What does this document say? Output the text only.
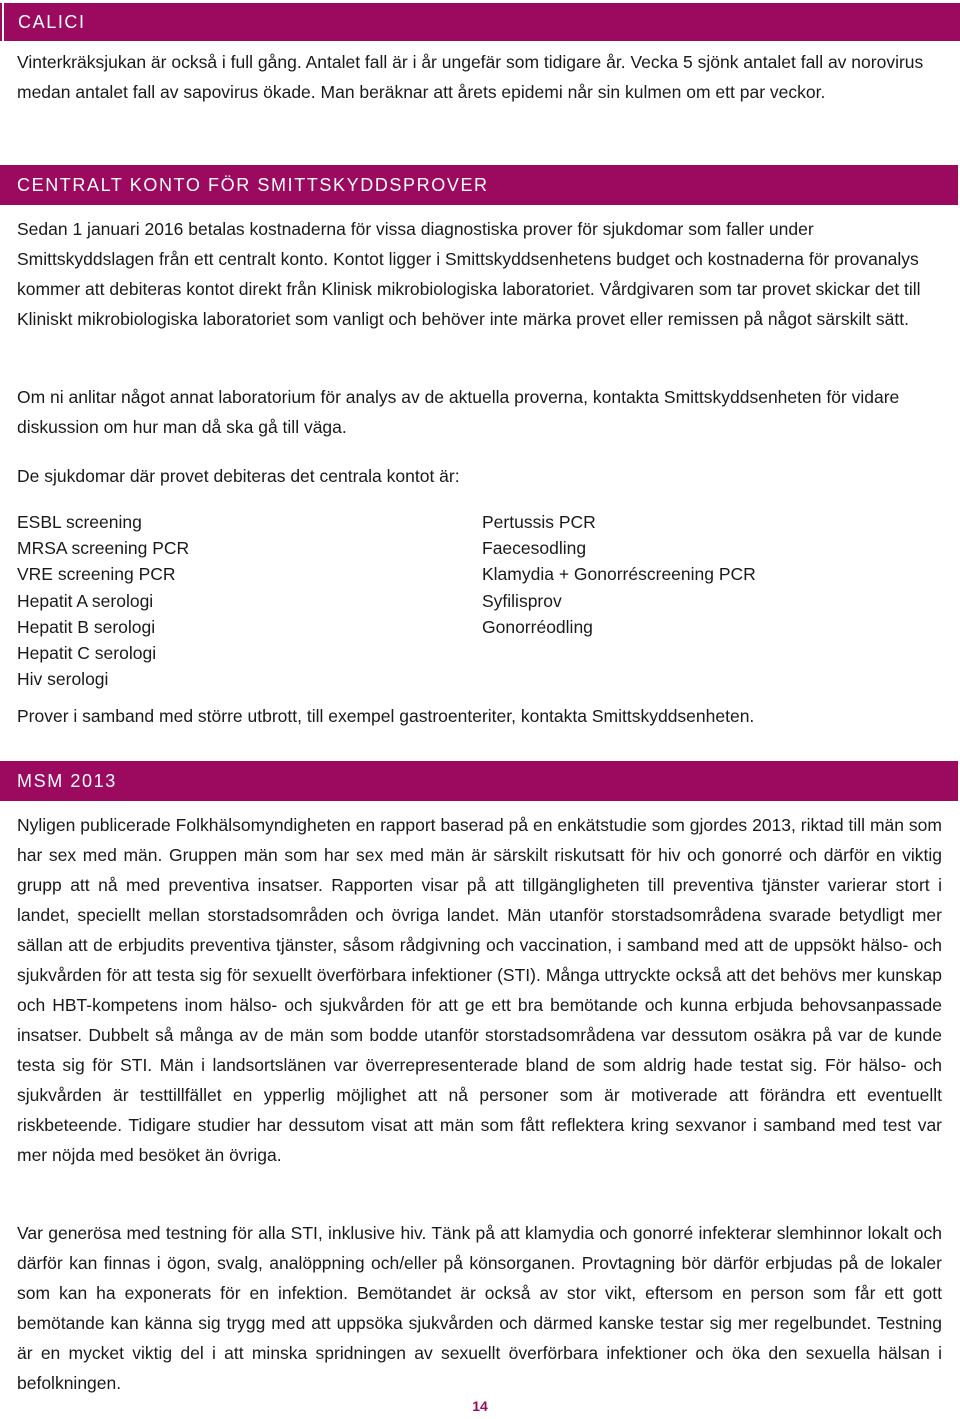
CALICI

Vinterkräksjukan är också i full gång. Antalet fall är i år ungefär som tidigare år. Vecka 5 sjönk antalet fall av norovirus medan antalet fall av sapovirus ökade. Man beräknar att årets epidemi når sin kulmen om ett par veckor.

CENTRALT KONTO FÖR SMITTSKYDDSPROVER

Sedan 1 januari 2016 betalas kostnaderna för vissa diagnostiska prover för sjukdomar som faller under Smittskyddslagen från ett centralt konto. Kontot ligger i Smittskyddsenhetens budget och kostnaderna för provanalys kommer att debiteras kontot direkt från Klinisk mikrobiologiska laboratoriet. Vårdgivaren som tar provet skickar det till Kliniskt mikrobiologiska laboratoriet som vanligt och behöver inte märka provet eller remissen på något särskilt sätt.

Om ni anlitar något annat laboratorium för analys av de aktuella proverna, kontakta Smittskyddsenheten för vidare diskussion om hur man då ska gå till väga.

De sjukdomar där provet debiteras det centrala kontot är:

ESBL screening
MRSA screening PCR
VRE screening PCR
Hepatit A serologi
Hepatit B serologi
Hepatit C serologi
Hiv serologi
Pertussis PCR
Faecesodling
Klamydia + Gonorréscreening PCR
Syfilisprov
Gonorréodling

Prover i samband med större utbrott, till exempel gastroenteriter, kontakta Smittskyddsenheten.

MSM 2013

Nyligen publicerade Folkhälsomyndigheten en rapport baserad på en enkätstudie som gjordes 2013, riktad till män som har sex med män. Gruppen män som har sex med män är särskilt riskutsatt för hiv och gonorré och därför en viktig grupp att nå med preventiva insatser. Rapporten visar på att tillgängligheten till preventiva tjänster varierar stort i landet, speciellt mellan storstadsområden och övriga landet. Män utanför storstadsområdena svarade betydligt mer sällan att de erbjudits preventiva tjänster, såsom rådgivning och vaccination, i samband med att de uppsökt hälso- och sjukvården för att testa sig för sexuellt överförbara infektioner (STI). Många uttryckte också att det behövs mer kunskap och HBT-kompetens inom hälso- och sjukvården för att ge ett bra bemötande och kunna erbjuda behovsanpassade insatser. Dubbelt så många av de män som bodde utanför storstadsområdena var dessutom osäkra på var de kunde testa sig för STI. Män i landsortslänen var överrepresenterade bland de som aldrig hade testat sig. För hälso- och sjukvården är testtillfället en ypperlig möjlighet att nå personer som är motiverade att förändra ett eventuellt riskbeteende. Tidigare studier har dessutom visat att män som fått reflektera kring sexvanor i samband med test var mer nöjda med besöket än övriga.

Var generösa med testning för alla STI, inklusive hiv. Tänk på att klamydia och gonorré infekterar slemhinnor lokalt och därför kan finnas i ögon, svalg, analöppning och/eller på könsorganen. Provtagning bör därför erbjudas på de lokaler som kan ha exponerats för en infektion. Bemötandet är också av stor vikt, eftersom en person som får ett gott bemötande kan känna sig trygg med att uppsöka sjukvården och därmed kanske testar sig mer regelbundet. Testning är en mycket viktig del i att minska spridningen av sexuellt överförbara infektioner och öka den sexuella hälsan i befolkningen.

14
